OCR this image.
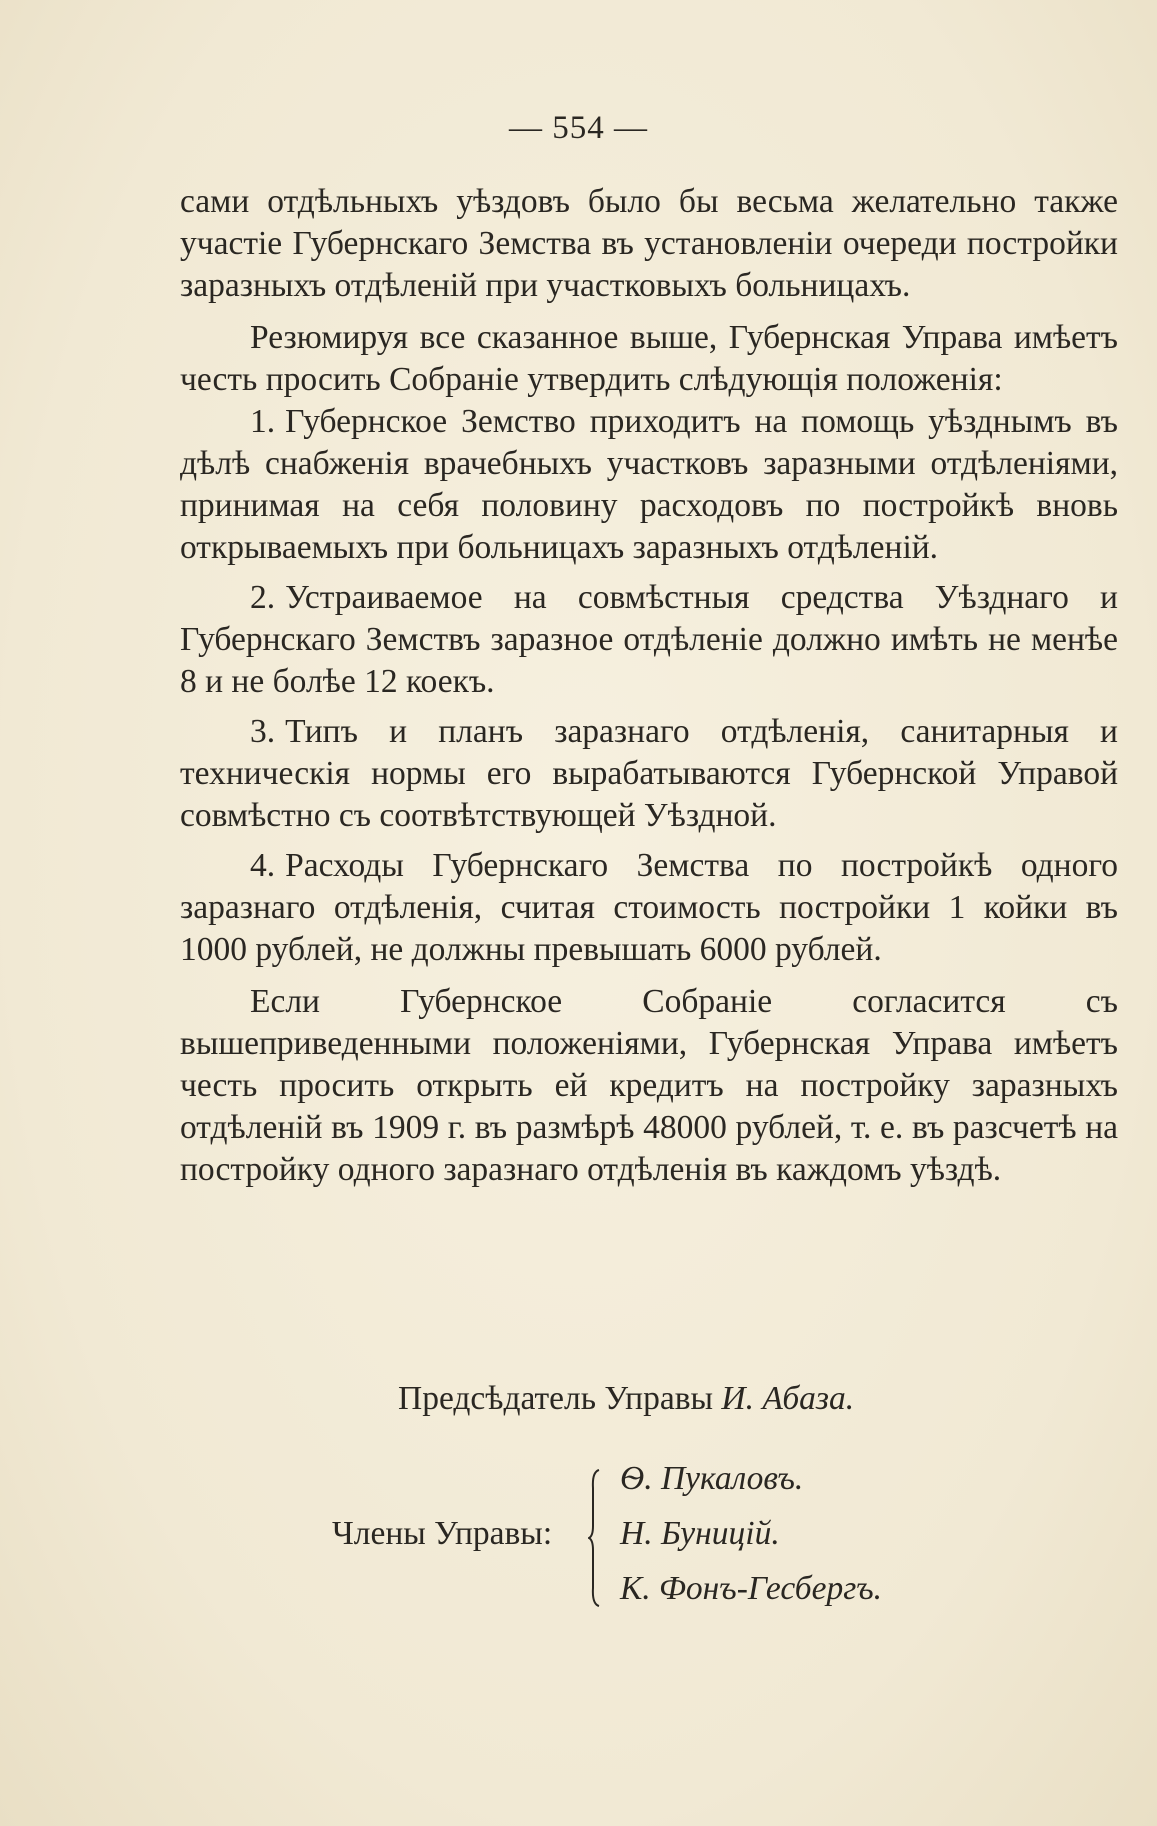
— 554 —

сами отдѣльныхъ уѣздовъ было бы весьма желательно также участіе Губернскаго Земства въ установленіи очереди постройки заразныхъ отдѣленій при участковыхъ больницахъ.

Резюмируя все сказанное выше, Губернская Управа имѣетъ честь просить Собраніе утвердить слѣдующія положенія:

1. Губернское Земство приходитъ на помощь уѣзднымъ въ дѣлѣ снабженія врачебныхъ участковъ заразными отдѣленіями, принимая на себя половину расходовъ по постройкѣ вновь открываемыхъ при больницахъ заразныхъ отдѣленій.
2. Устраиваемое на совмѣстныя средства Уѣзднаго и Губернскаго Земствъ заразное отдѣленіе должно имѣть не менѣе 8 и не болѣе 12 коекъ.
3. Типъ и планъ заразнаго отдѣленія, санитарныя и техническія нормы его вырабатываются Губернской Управой совмѣстно съ соотвѣтствующей Уѣздной.
4. Расходы Губернскаго Земства по постройкѣ одного заразнаго отдѣленія, считая стоимость постройки 1 койки въ 1000 рублей, не должны превышать 6000 рублей.

Если Губернское Собраніе согласится съ вышеприведенными положеніями, Губернская Управа имѣетъ честь просить открыть ей кредитъ на постройку заразныхъ отдѣленій въ 1909 г. въ размѣрѣ 48000 рублей, т. е. въ разсчетѣ на постройку одного заразнаго отдѣленія въ каждомъ уѣздѣ.

Предсѣдатель Управы И. Абаза.
Члены Управы:
Ѳ. Пукаловъ.
Н. Буницій.
К. Фонъ-Гесбергъ.
